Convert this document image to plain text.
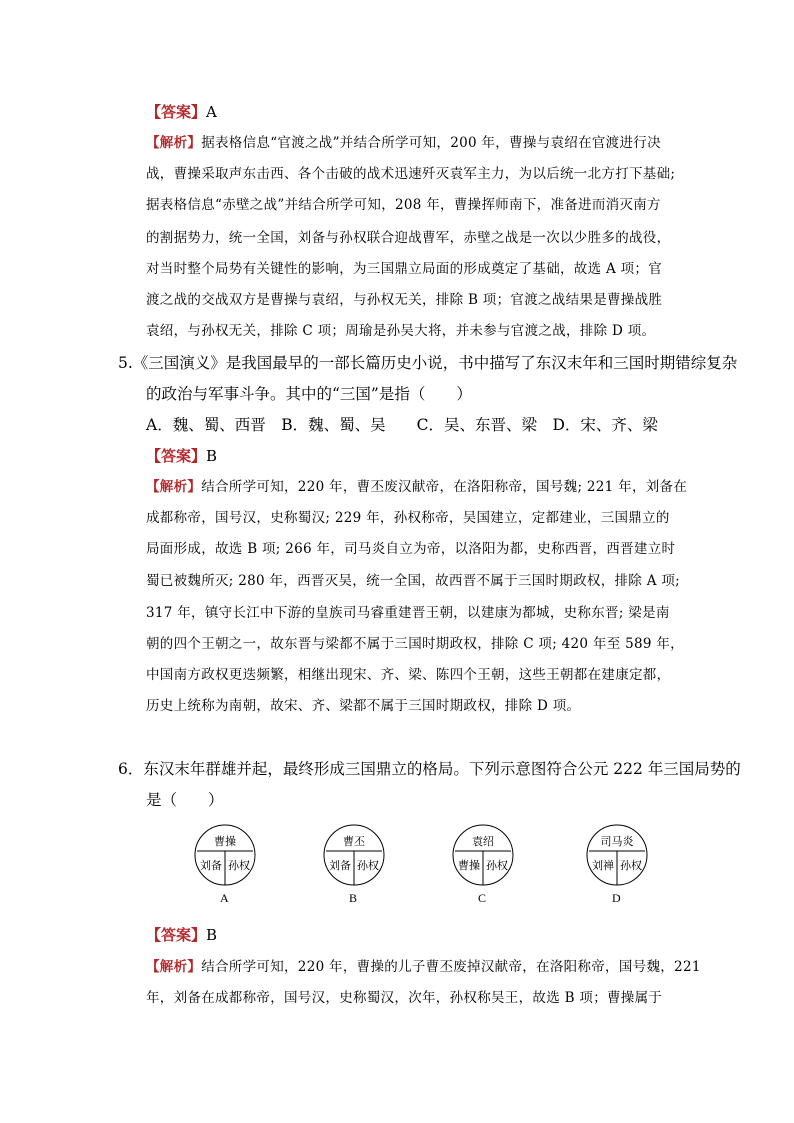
【答案】A
【解析】据表格信息“官渡之战”并结合所学可知，200 年，曹操与袁绍在官渡进行决
战，曹操采取声东击西、各个击破的战术迅速歼灭袁军主力，为以后统一北方打下基础;
据表格信息“赤壁之战”并结合所学可知，208 年，曹操挥师南下，准备进而消灭南方
的割据势力，统一全国，刘备与孙权联合迎战曹军，赤壁之战是一次以少胜多的战役，
对当时整个局势有关键性的影响，为三国鼎立局面的形成奠定了基础，故选 A 项；官
渡之战的交战双方是曹操与袁绍，与孙权无关，排除 B 项；官渡之战结果是曹操战胜
袁绍，与孙权无关，排除 C 项；周瑜是孙吴大将，并未参与官渡之战，排除 D 项。
5.《三国演义》是我国最早的一部长篇历史小说，书中描写了东汉末年和三国时期错综复杂
的政治与军事斗争。其中的“三国”是指（　　）
A．魏、蜀、西晋　B．魏、蜀、吴　　C．吴、东晋、梁　D．宋、齐、梁
【答案】B
【解析】结合所学可知，220 年，曹丕废汉献帝，在洛阳称帝，国号魏; 221 年，刘备在
成都称帝，国号汉，史称蜀汉; 229 年，孙权称帝，吴国建立，定都建业，三国鼎立的
局面形成，故选 B 项; 266 年，司马炎自立为帝，以洛阳为都，史称西晋，西晋建立时
蜀已被魏所灭; 280 年，西晋灭吴，统一全国，故西晋不属于三国时期政权，排除 A 项;
317 年，镇守长江中下游的皇族司马睿重建晋王朝，以建康为都城，史称东晋; 梁是南
朝的四个王朝之一，故东晋与梁都不属于三国时期政权，排除 C 项; 420 年至 589 年，
中国南方政权更迭频繁，相继出现宋、齐、梁、陈四个王朝，这些王朝都在建康定都，
历史上统称为南朝，故宋、齐、梁都不属于三国时期政权，排除 D 项。
6．东汉末年群雄并起，最终形成三国鼎立的格局。下列示意图符合公元 222 年三国局势的
是（　　）
曹操
刘备 孙权
A
曹丕
刘备 孙权
B
袁绍
曹操 孙权
C
司马炎
刘禅 孙权
D
【答案】B
【解析】结合所学可知，220 年，曹操的儿子曹丕废掉汉献帝，在洛阳称帝，国号魏，221
年，刘备在成都称帝，国号汉，史称蜀汉，次年，孙权称吴王，故选 B 项；曹操属于
